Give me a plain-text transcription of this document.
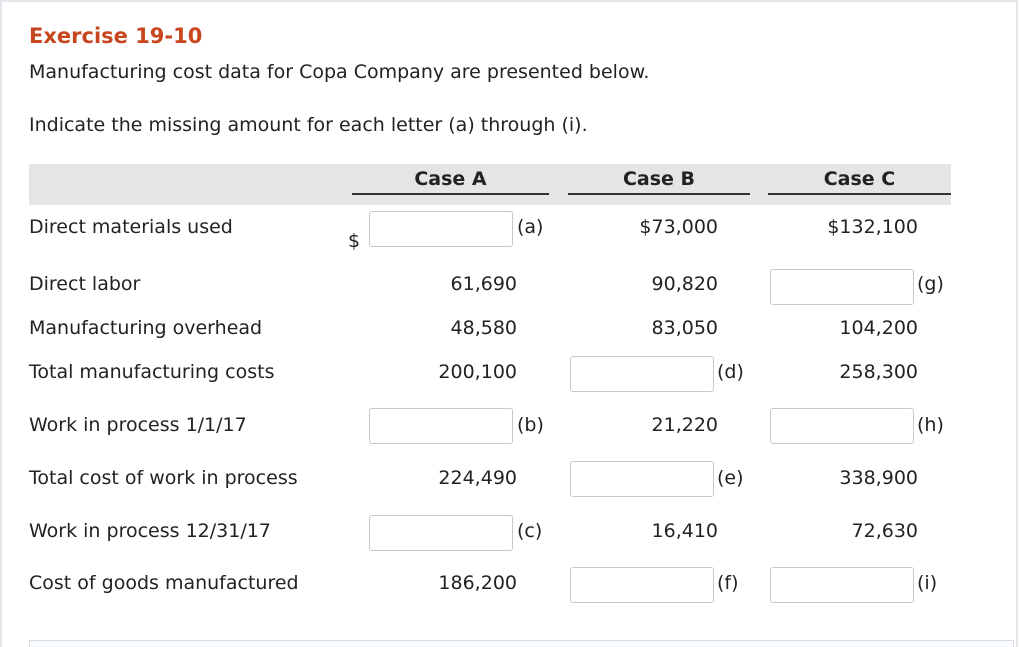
Exercise 19-10
Manufacturing cost data for Copa Company are presented below.
Indicate the missing amount for each letter (a) through (i).
Case A	Case B	Case C
$
Direct materials used	(a)	$73,000	$132,100
Direct labor	61,690	90,820	(g)
Manufacturing overhead	48,580	83,050	104,200
Total manufacturing costs	200,100	(d)	258,300
Work in process 1/1/17	(b)	21,220	(h)
Total cost of work in process	224,490	(e)	338,900
Work in process 12/31/17	(c)	16,410	72,630
Cost of goods manufactured	186,200	(f)	(i)
